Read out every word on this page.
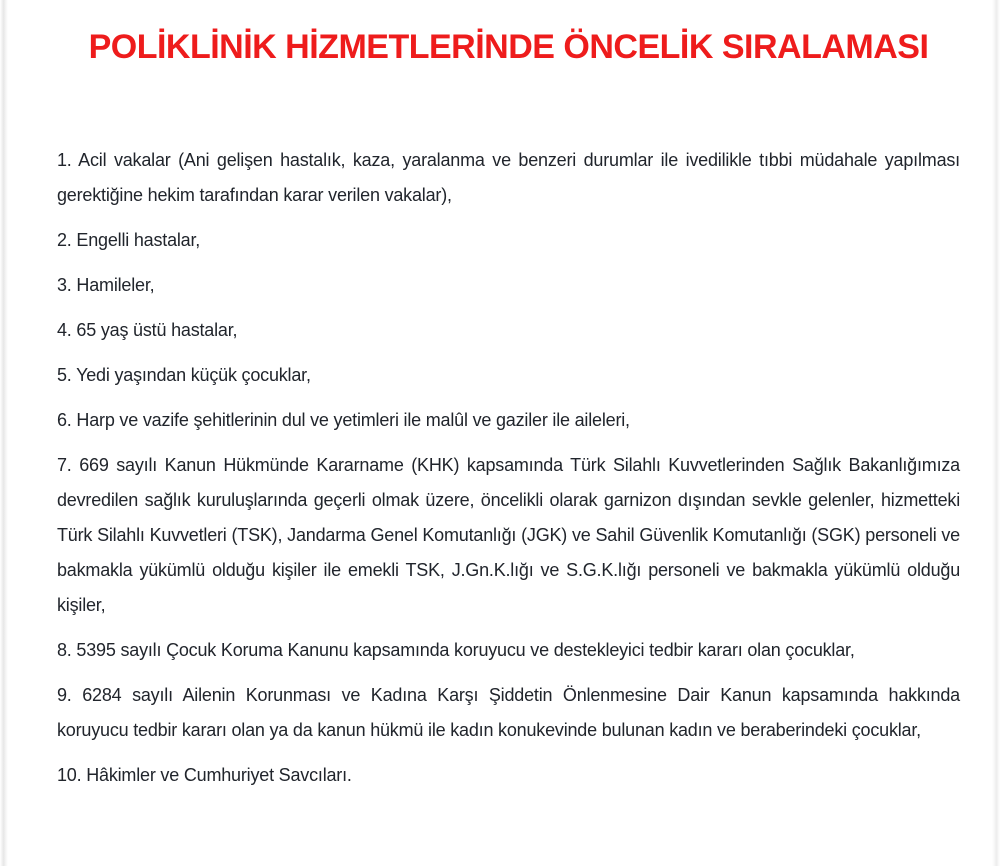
POLİKLİNİK HİZMETLERİNDE ÖNCELİK SIRALAMASI

1. Acil vakalar (Ani gelişen hastalık, kaza, yaralanma ve benzeri durumlar ile ivedilikle tıbbi müdahale yapılması gerektiğine hekim tarafından karar verilen vakalar),

2. Engelli hastalar,

3. Hamileler,

4. 65 yaş üstü hastalar,

5. Yedi yaşından küçük çocuklar,

6. Harp ve vazife şehitlerinin dul ve yetimleri ile malûl ve gaziler ile aileleri,

7. 669 sayılı Kanun Hükmünde Kararname (KHK) kapsamında Türk Silahlı Kuvvetlerinden Sağlık Bakanlığımıza devredilen sağlık kuruluşlarında geçerli olmak üzere, öncelikli olarak garnizon dışından sevkle gelenler, hizmetteki Türk Silahlı Kuvvetleri (TSK), Jandarma Genel Komutanlığı (JGK) ve Sahil Güvenlik Komutanlığı (SGK) personeli ve bakmakla yükümlü olduğu kişiler ile emekli TSK, J.Gn.K.lığı ve S.G.K.lığı personeli ve bakmakla yükümlü olduğu kişiler,

8. 5395 sayılı Çocuk Koruma Kanunu kapsamında koruyucu ve destekleyici tedbir kararı olan çocuklar,

9. 6284 sayılı Ailenin Korunması ve Kadına Karşı Şiddetin Önlenmesine Dair Kanun kapsamında hakkında koruyucu tedbir kararı olan ya da kanun hükmü ile kadın konukevinde bulunan kadın ve beraberindeki çocuklar,

10. Hâkimler ve Cumhuriyet Savcıları.
